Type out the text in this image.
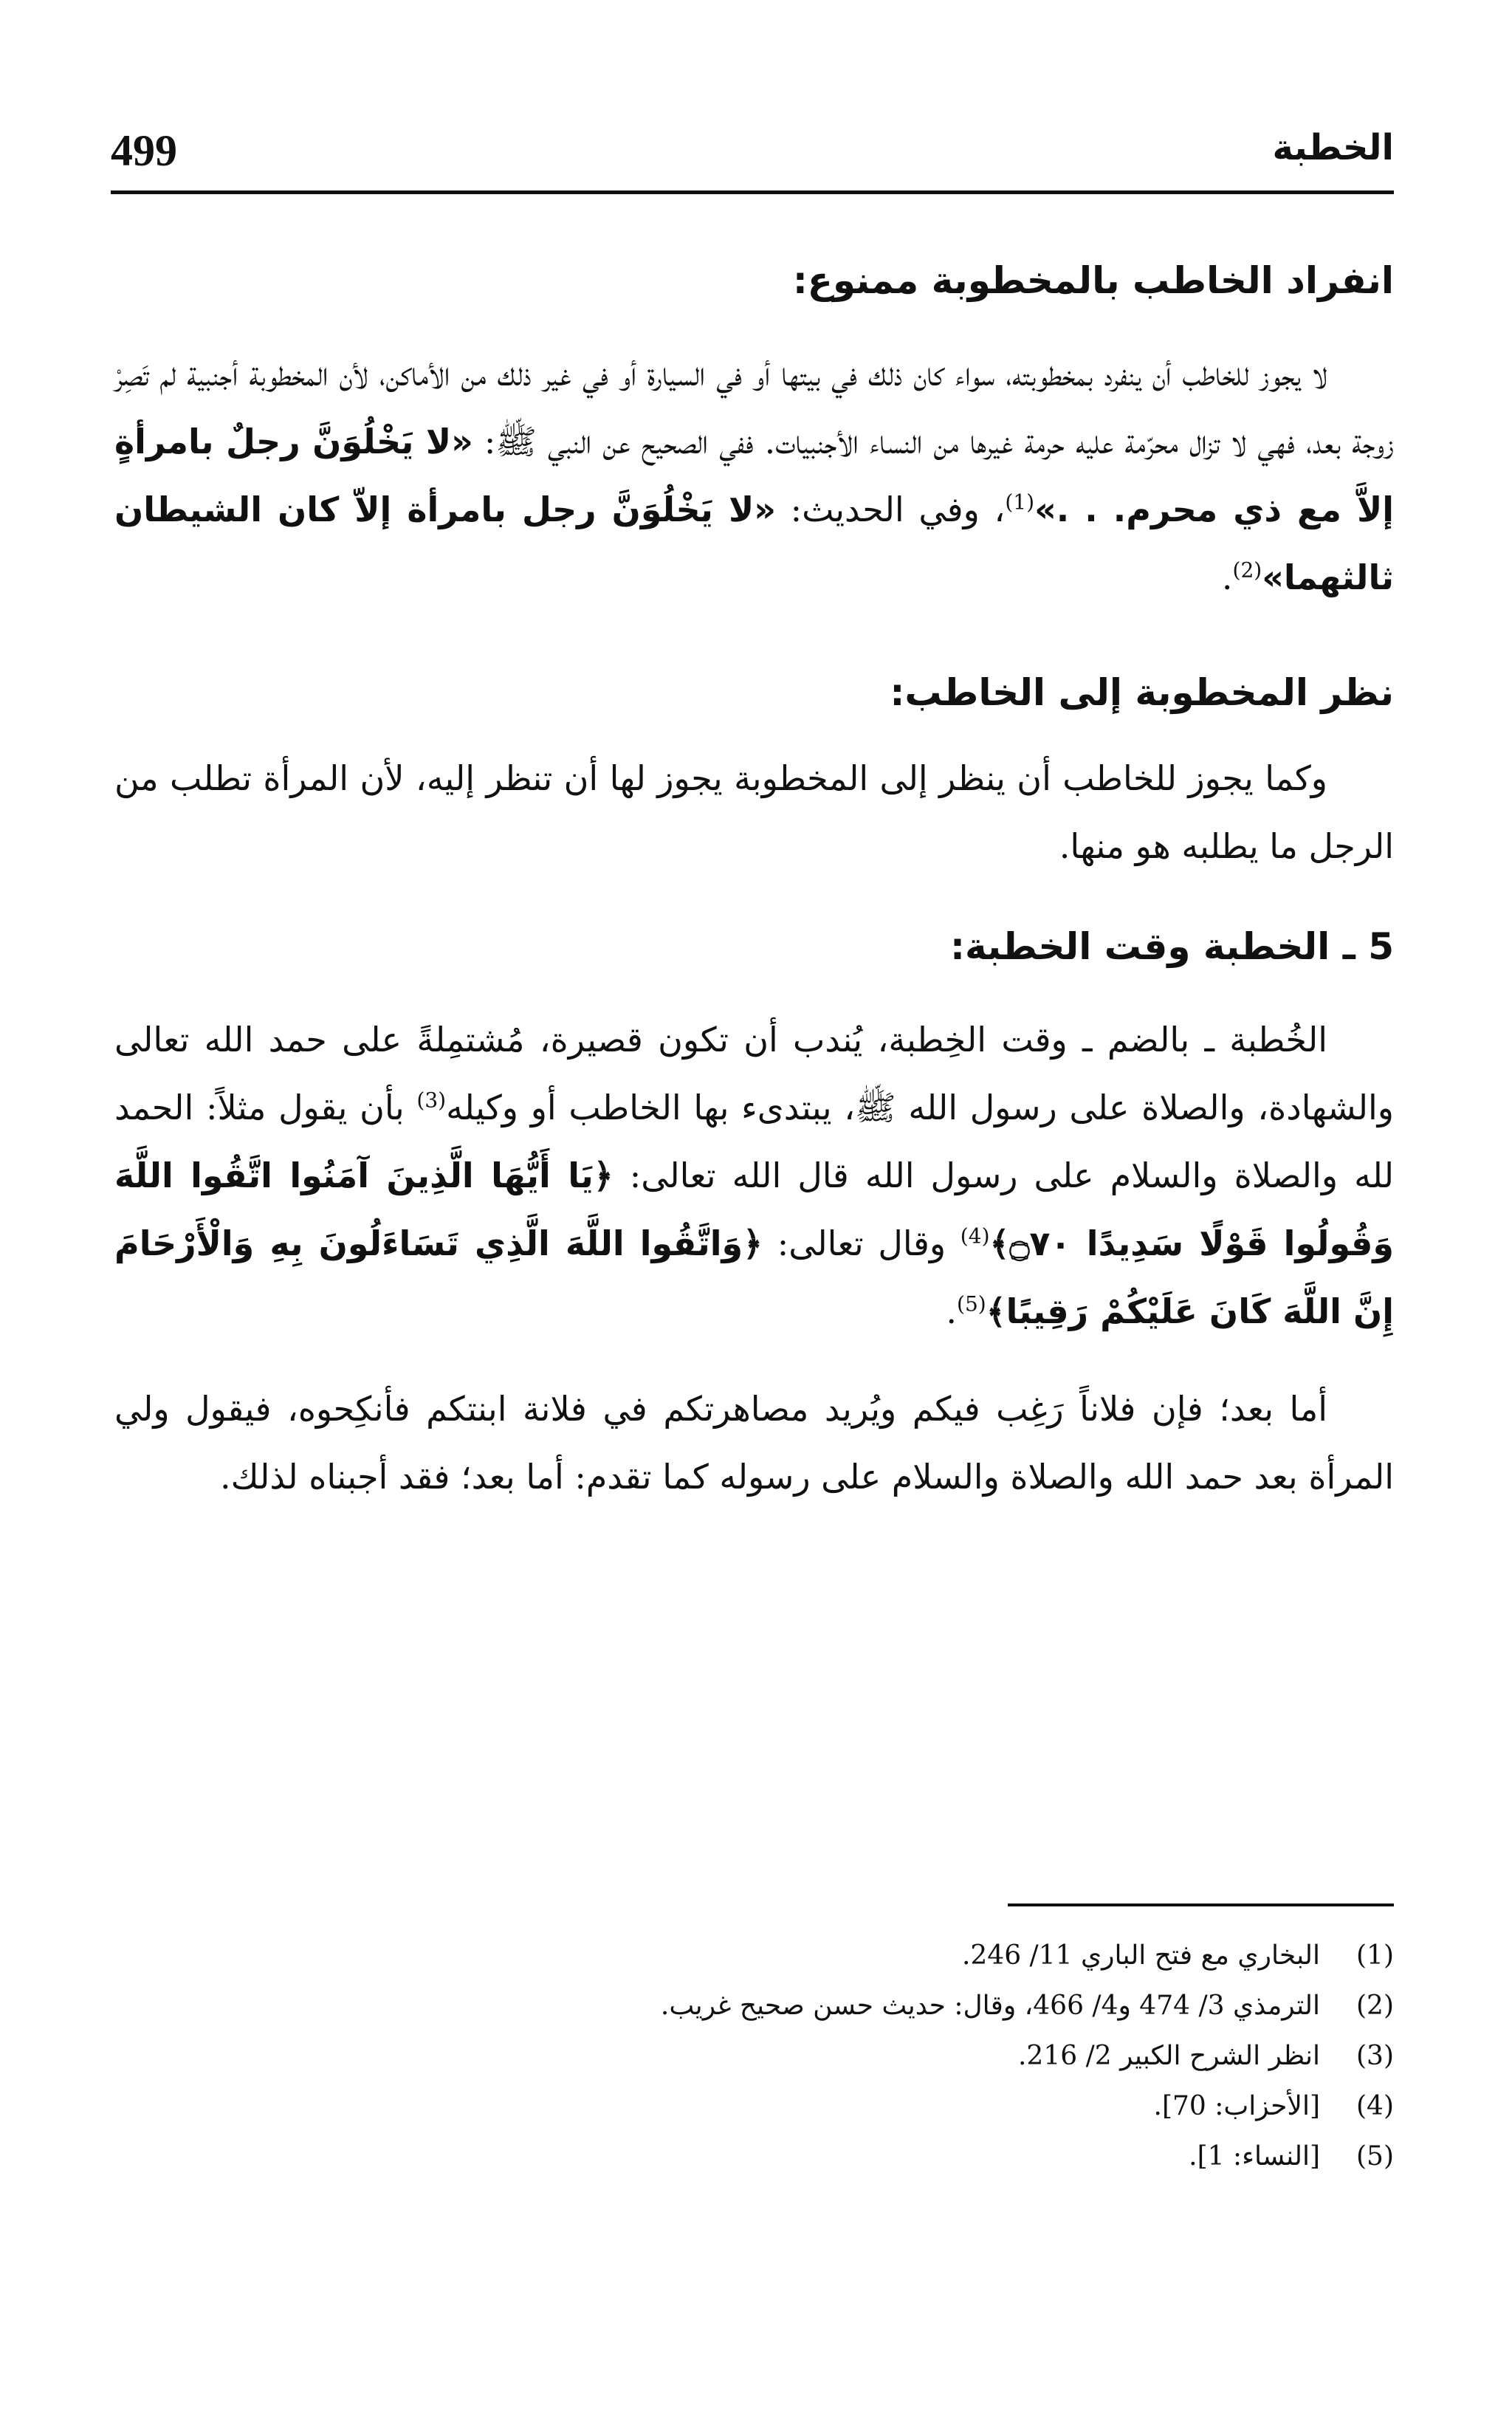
499	الخطبة
انفراد الخاطب بالمخطوبة ممنوع:

لا يجوز للخاطب أن ينفرد بمخطوبته، سواء كان ذلك في بيتها أو في السيارة أو في غير ذلك من الأماكن، لأن المخطوبة أجنبية لم تَصِرْ زوجة بعد، فهي لا تزال محرّمة عليه حرمة غيرها من النساء الأجنبيات. ففي الصحيح عن النبي ﷺ: «لا يَخْلُوَنَّ رجلٌ بامرأةٍ إلاَّ مع ذي محرم. . .»$^{(1)}$، وفي الحديث: «لا يَخْلُوَنَّ رجل بامرأة إلاّ كان الشيطان ثالثهما»$^{(2)}$.

نظر المخطوبة إلى الخاطب:

وكما يجوز للخاطب أن ينظر إلى المخطوبة يجوز لها أن تنظر إليه، لأن المرأة تطلب من الرجل ما يطلبه هو منها.

5 ـ الخطبة وقت الخطبة:

الخُطبة ـ بالضم ـ وقت الخِطبة، يُندب أن تكون قصيرة، مُشتمِلةً على حمد الله تعالى والشهادة، والصلاة على رسول الله ﷺ، يبتدىء بها الخاطب أو وكيله$^{(3)}$ بأن يقول مثلاً: الحمد لله والصلاة والسلام على رسول الله قال الله تعالى: ﴿يَا أَيُّهَا الَّذِينَ آمَنُوا اتَّقُوا اللَّهَ وَقُولُوا قَوْلًا سَدِيدًا ۝٧٠﴾$^{(4)}$ وقال تعالى: ﴿وَاتَّقُوا اللَّهَ الَّذِي تَسَاءَلُونَ بِهِ وَالْأَرْحَامَ إِنَّ اللَّهَ كَانَ عَلَيْكُمْ رَقِيبًا﴾$^{(5)}$.

أما بعد؛ فإن فلاناً رَغِب فيكم ويُريد مصاهرتكم في فلانة ابنتكم فأنكِحوه، فيقول ولي المرأة بعد حمد الله والصلاة والسلام على رسوله كما تقدم: أما بعد؛ فقد أجبناه لذلك.

(1)البخاري مع فتح الباري 11/ 246.
(2)الترمذي 3/ 474 و4/ 466، وقال: حديث حسن صحيح غريب.
(3)انظر الشرح الكبير 2/ 216.
(4)[الأحزاب: 70].
(5)[النساء: 1].
